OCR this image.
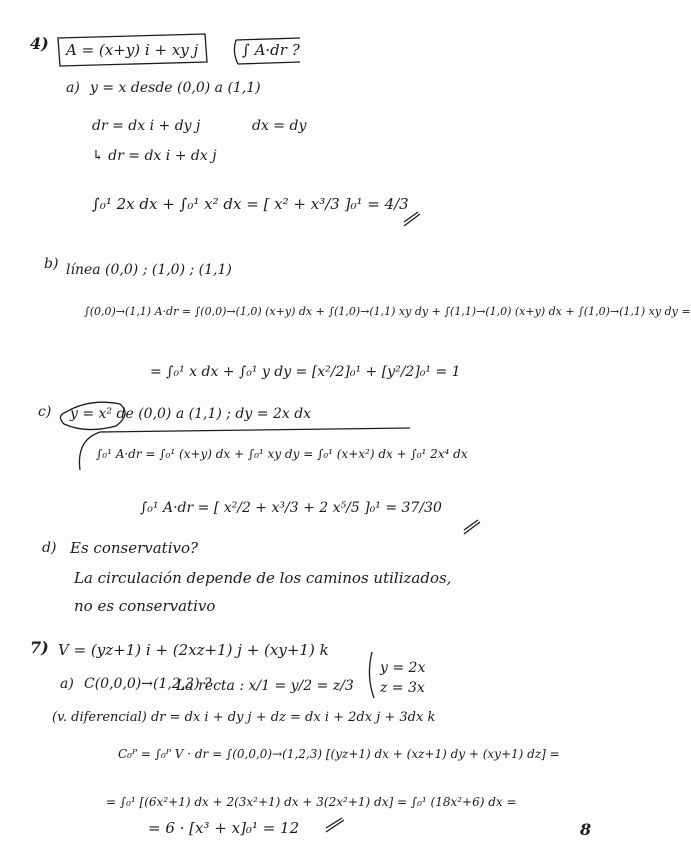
4) A = (x+y) i + xy j	∫ A·dr ?
a) y = x desde (0,0) a (1,1)
dr = dx i + dy j	dx = dy
↳ dr = dx i + dx j
∫₀¹ 2x dx + ∫₀¹ x² dx = [ x² + x³/3 ]₀¹ = 4/3
b) línea (0,0) ; (1,0) ; (1,1)
∫(0,0)→(1,1) A·dr = ∫(0,0)→(1,0) (x+y) dx + ∫(1,0)→(1,1) xy dy + ∫(1,1)→(1,0) (x+y) dx + ∫(1,0)→(1,1) xy dy =
= ∫₀¹ x dx + ∫₀¹ y dy = [x²/2]₀¹ + [y²/2]₀¹ = 1
c) y = x² de (0,0) a (1,1) ; dy = 2x dx
∫₀¹ A·dr = ∫₀¹ (x+y) dx + ∫₀¹ xy dy = ∫₀¹ (x+x²) dx + ∫₀¹ 2x⁴ dx
∫₀¹ A·dr = [ x²/2 + x³/3 + 2 x⁵/5 ]₀¹ = 37/30
d) Es conservativo?
La circulación depende de los caminos utilizados,
no es conservativo
7) V = (yz+1) i + (2xz+1) j + (xy+1) k
a) C(0,0,0)→(1,2,3) ?
La recta : x/1 = y/2 = z/3
y = 2x
z = 3x
(v. diferencial) dr = dx i + dy j + dz = dx i + 2dx j + 3dx k
C₀ᴾ = ∫₀ᴾ V · dr = ∫(0,0,0)→(1,2,3) [(yz+1) dx + (xz+1) dy + (xy+1) dz] =
= ∫₀¹ [(6x²+1) dx + 2(3x²+1) dx + 3(2x²+1) dx] = ∫₀¹ (18x²+6) dx =
= 6 · [x³ + x]₀¹ = 12	8
